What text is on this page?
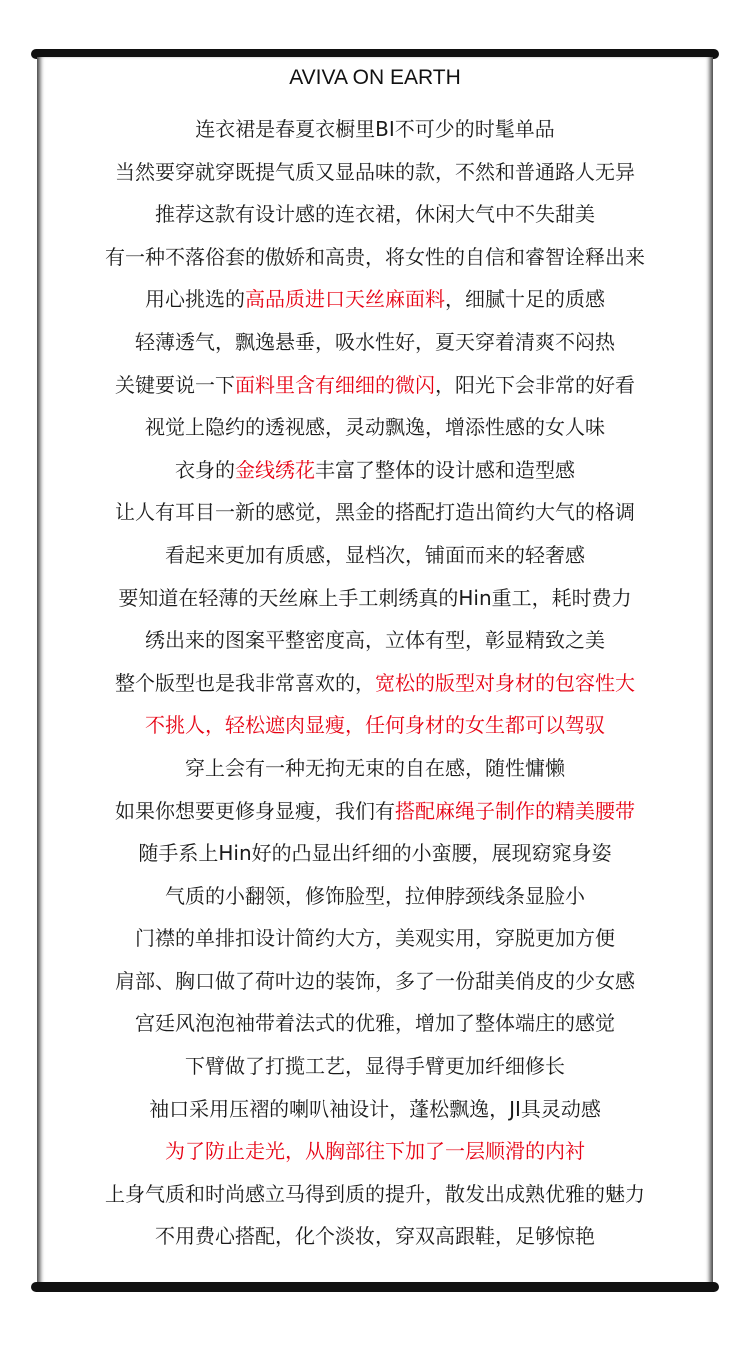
AVIVA ON EARTH
连衣裙是春夏衣橱里BI不可少的时髦单品
当然要穿就穿既提气质又显品味的款，不然和普通路人无异
推荐这款有设计感的连衣裙，休闲大气中不失甜美
有一种不落俗套的傲娇和高贵，将女性的自信和睿智诠释出来
用心挑选的高品质进口天丝麻面料，细腻十足的质感
轻薄透气，飘逸悬垂，吸水性好，夏天穿着清爽不闷热
关键要说一下面料里含有细细的微闪，阳光下会非常的好看
视觉上隐约的透视感，灵动飘逸，增添性感的女人味
衣身的金线绣花丰富了整体的设计感和造型感
让人有耳目一新的感觉，黑金的搭配打造出简约大气的格调
看起来更加有质感，显档次，铺面而来的轻奢感
要知道在轻薄的天丝麻上手工刺绣真的Hin重工，耗时费力
绣出来的图案平整密度高，立体有型，彰显精致之美
整个版型也是我非常喜欢的，宽松的版型对身材的包容性大
不挑人，轻松遮肉显瘦，任何身材的女生都可以驾驭
穿上会有一种无拘无束的自在感，随性慵懒
如果你想要更修身显瘦，我们有搭配麻绳子制作的精美腰带
随手系上Hin好的凸显出纤细的小蛮腰，展现窈窕身姿
气质的小翻领，修饰脸型，拉伸脖颈线条显脸小
门襟的单排扣设计简约大方，美观实用，穿脱更加方便
肩部、胸口做了荷叶边的装饰，多了一份甜美俏皮的少女感
宫廷风泡泡袖带着法式的优雅，增加了整体端庄的感觉
下臂做了打揽工艺，显得手臂更加纤细修长
袖口采用压褶的喇叭袖设计，蓬松飘逸，JI具灵动感
为了防止走光，从胸部往下加了一层顺滑的内衬
上身气质和时尚感立马得到质的提升，散发出成熟优雅的魅力
不用费心搭配，化个淡妆，穿双高跟鞋，足够惊艳
